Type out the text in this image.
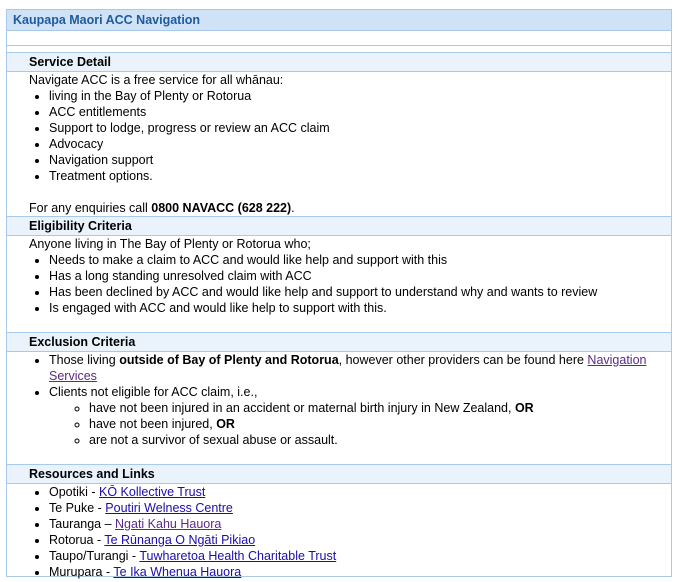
Kaupapa Maori ACC Navigation
Service Detail
Navigate ACC is a free service for all whānau:
• living in the Bay of Plenty or Rotorua
• ACC entitlements
• Support to lodge, progress or review an ACC claim
• Advocacy
• Navigation support
• Treatment options.
For any enquiries call 0800 NAVACC (628 222).
Eligibility Criteria
Anyone living in The Bay of Plenty or Rotorua who;
• Needs to make a claim to ACC and would like help and support with this
• Has a long standing unresolved claim with ACC
• Has been declined by ACC and would like help and support to understand why and wants to review
• Is engaged with ACC and would like help to support with this.
Exclusion Criteria
• Those living outside of Bay of Plenty and Rotorua, however other providers can be found here Navigation Services
• Clients not eligible for ACC claim, i.e.,
◦ have not been injured in an accident or maternal birth injury in New Zealand, OR
◦ have not been injured, OR
◦ are not a survivor of sexual abuse or assault.
Resources and Links
• Opotiki - KŌ Kollective Trust
• Te Puke - Poutiri Welness Centre
• Tauranga – Ngati Kahu Hauora
• Rotorua - Te Rūnanga O Ngāti Pikiao
• Taupo/Turangi - Tuwharetoa Health Charitable Trust
• Murupara - Te Ika Whenua Hauora
